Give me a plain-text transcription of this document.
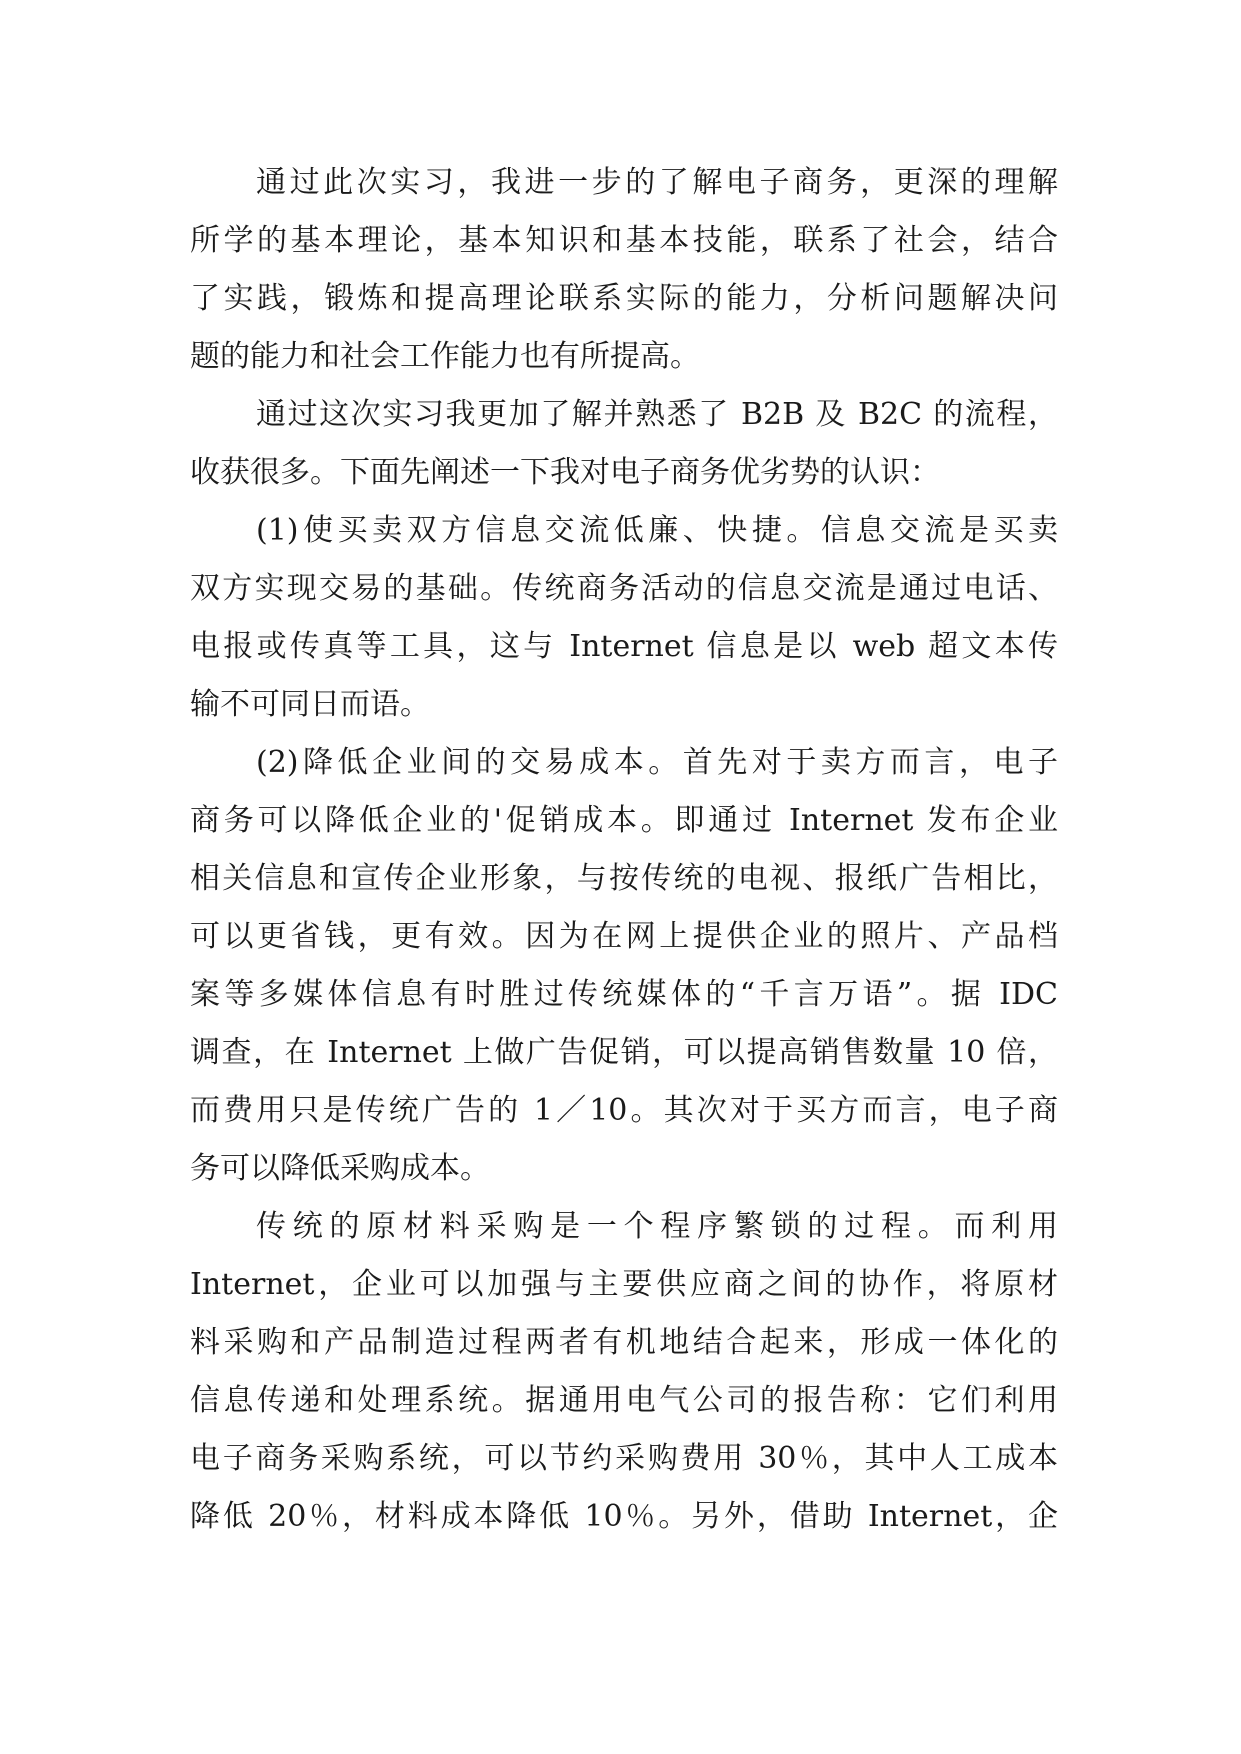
通过此次实习，我进一步的了解电子商务，更深的理解
所学的基本理论，基本知识和基本技能，联系了社会，结合
了实践，锻炼和提高理论联系实际的能力，分析问题解决问
题的能力和社会工作能力也有所提高。
通过这次实习我更加了解并熟悉了 B2B 及 B2C 的流程，
收获很多。下面先阐述一下我对电子商务优劣势的认识：
(1)使买卖双方信息交流低廉、快捷。信息交流是买卖
双方实现交易的基础。传统商务活动的信息交流是通过电话、
电报或传真等工具，这与 Internet 信息是以 web 超文本传
输不可同日而语。
(2)降低企业间的交易成本。首先对于卖方而言，电子
商务可以降低企业的'促销成本。即通过 Internet 发布企业
相关信息和宣传企业形象，与按传统的电视、报纸广告相比，
可以更省钱，更有效。因为在网上提供企业的照片、产品档
案等多媒体信息有时胜过传统媒体的“千言万语”。据 IDC
调查，在 Internet 上做广告促销，可以提高销售数量 10 倍，
而费用只是传统广告的 1／10。其次对于买方而言，电子商
务可以降低采购成本。
传统的原材料采购是一个程序繁锁的过程。而利用
Internet，企业可以加强与主要供应商之间的协作，将原材
料采购和产品制造过程两者有机地结合起来，形成一体化的
信息传递和处理系统。据通用电气公司的报告称：它们利用
电子商务采购系统，可以节约采购费用 30％，其中人工成本
降低 20％，材料成本降低 10％。另外，借助 Internet，企
